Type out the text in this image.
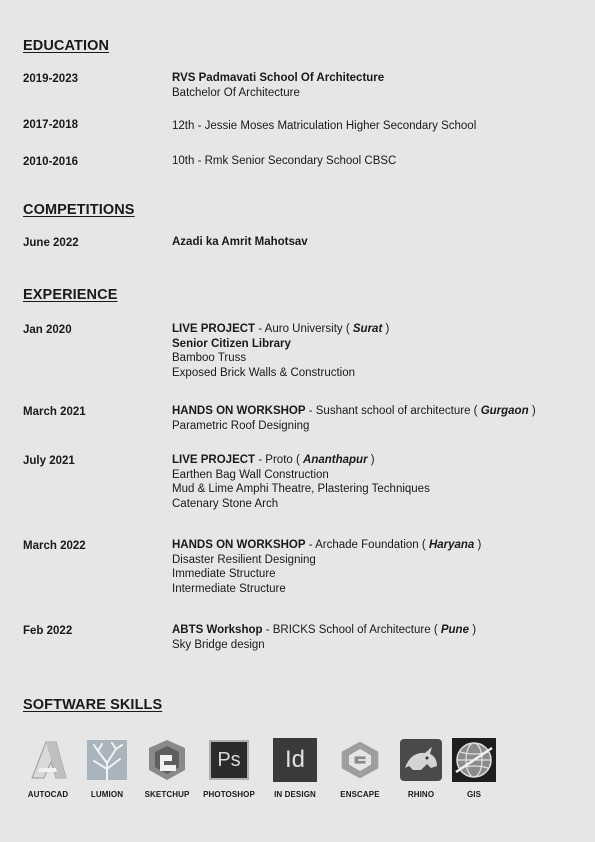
EDUCATION
2019-2023	RVS Padmavati School Of Architecture
Batchelor Of Architecture
2017-2018	12th - Jessie Moses Matriculation Higher Secondary School
2010-2016	10th - Rmk Senior Secondary School CBSC
COMPETITIONS
June 2022	Azadi ka Amrit Mahotsav
EXPERIENCE
Jan 2020	LIVE PROJECT - Auro University ( Surat )
Senior Citizen Library
Bamboo Truss
Exposed Brick Walls & Construction
March 2021	HANDS ON WORKSHOP - Sushant school of architecture ( Gurgaon )
Parametric Roof Designing
July 2021	LIVE PROJECT - Proto ( Ananthapur )
Earthen Bag Wall Construction
Mud & Lime Amphi Theatre, Plastering Techniques
Catenary Stone Arch
March 2022	HANDS ON WORKSHOP - Archade Foundation ( Haryana )
Disaster Resilient Designing
Immediate Structure
Intermediate Structure
Feb 2022	ABTS Workshop - BRICKS School of Architecture ( Pune )
Sky Bridge design
SOFTWARE SKILLS
AUTOCAD	LUMION	SKETCHUP
Ps
PHOTOSHOP
Id
IN DESIGN	ENSCAPE	RHINO	GIS
